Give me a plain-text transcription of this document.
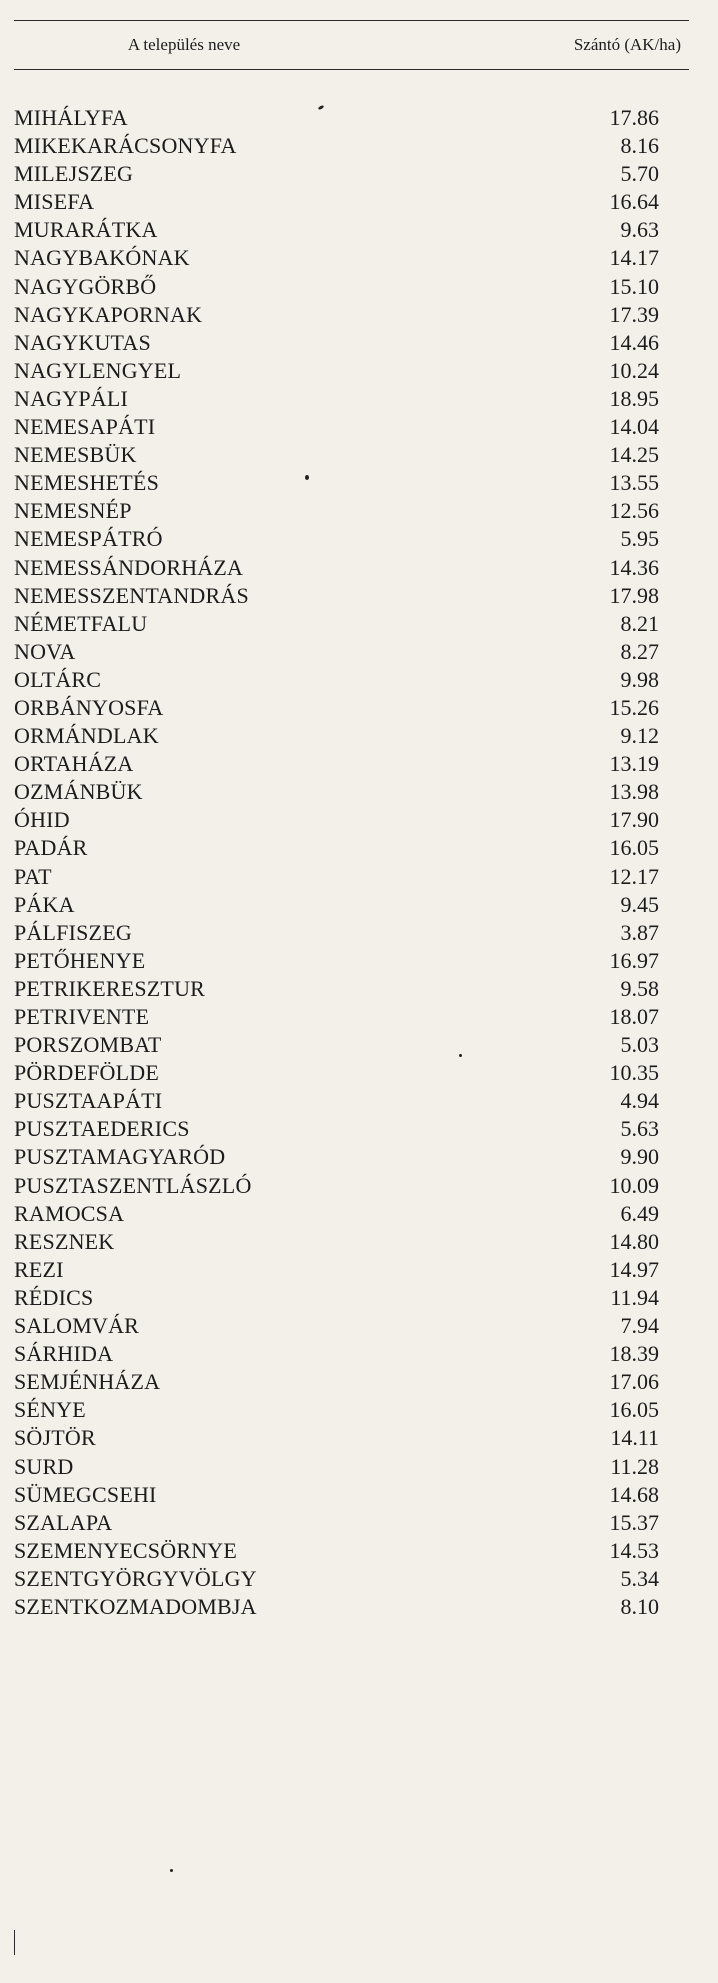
A település neve	Szántó (AK/ha)
MIHÁLYFA	17.86
MIKEKARÁCSONYFA	8.16
MILEJSZEG	5.70
MISEFA	16.64
MURARÁTKA	9.63
NAGYBAKÓNAK	14.17
NAGYGÖRBŐ	15.10
NAGYKAPORNAK	17.39
NAGYKUTAS	14.46
NAGYLENGYEL	10.24
NAGYPÁLI	18.95
NEMESAPÁTI	14.04
NEMESBÜK	14.25
NEMESHETÉS	13.55
NEMESNÉP	12.56
NEMESPÁTRÓ	5.95
NEMESSÁNDORHÁZA	14.36
NEMESSZENTANDRÁS	17.98
NÉMETFALU	8.21
NOVA	8.27
OLTÁRC	9.98
ORBÁNYOSFA	15.26
ORMÁNDLAK	9.12
ORTAHÁZA	13.19
OZMÁNBÜK	13.98
ÓHID	17.90
PADÁR	16.05
PAT	12.17
PÁKA	9.45
PÁLFISZEG	3.87
PETŐHENYE	16.97
PETRIKERESZTUR	9.58
PETRIVENTE	18.07
PORSZOMBAT	5.03
PÖRDEFÖLDE	10.35
PUSZTAAPÁTI	4.94
PUSZTAEDERICS	5.63
PUSZTAMAGYARÓD	9.90
PUSZTASZENTLÁSZLÓ	10.09
RAMOCSA	6.49
RESZNEK	14.80
REZI	14.97
RÉDICS	11.94
SALOMVÁR	7.94
SÁRHIDA	18.39
SEMJÉNHÁZA	17.06
SÉNYE	16.05
SÖJTÖR	14.11
SURD	11.28
SÜMEGCSEHI	14.68
SZALAPA	15.37
SZEMENYECSÖRNYE	14.53
SZENTGYÖRGYVÖLGY	5.34
SZENTKOZMADOMBJA	8.10
